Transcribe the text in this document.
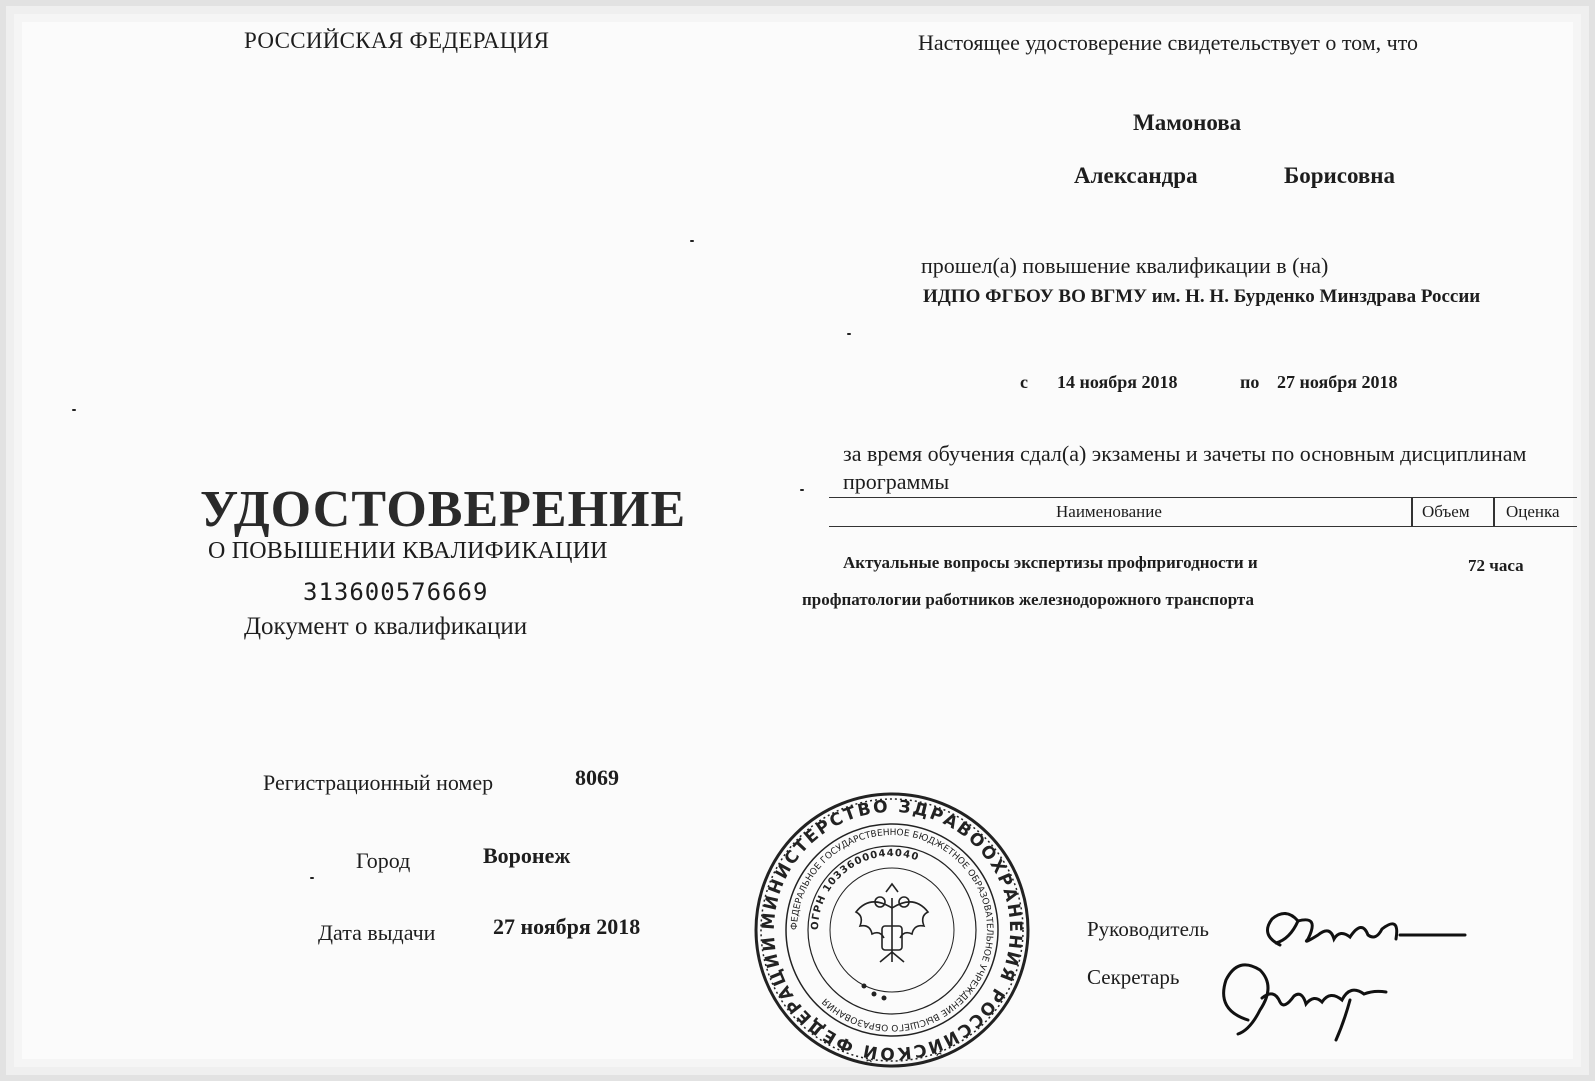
РОССИЙСКАЯ ФЕДЕРАЦИЯ
УДОСТОВЕРЕНИЕ
О ПОВЫШЕНИИ КВАЛИФИКАЦИИ
313600576669
Документ о квалификации
Регистрационный номер	8069
Город	Воронеж
Дата выдачи	27 ноября 2018
Настоящее удостоверение свидетельствует о том, что
Мамонова
Александра	Борисовна
прошел(а) повышение квалификации в (на)
ИДПО ФГБОУ ВО ВГМУ им. Н. Н. Бурденко Минздрава России
с 14 ноября 2018	по 27 ноября 2018
за время обучения сдал(а) экзамены и зачеты по основным дисциплинам программы
Наименование	Объем Оценка
Актуальные вопросы экспертизы профпригодности и
профпатологии работников железнодорожного транспорта
72 часа
Руководитель
Секретарь
МИНИСТЕРСТВО ЗДРАВООХРАНЕНИЯ РОССИЙСКОЙ ФЕДЕРАЦИИ
ФЕДЕРАЛЬНОЕ ГОСУДАРСТВЕННОЕ БЮДЖЕТНОЕ ОБРАЗОВАТЕЛЬНОЕ УЧРЕЖДЕНИЕ ВЫСШЕГО ОБРАЗОВАНИЯ
ОГРН 1033600044040
